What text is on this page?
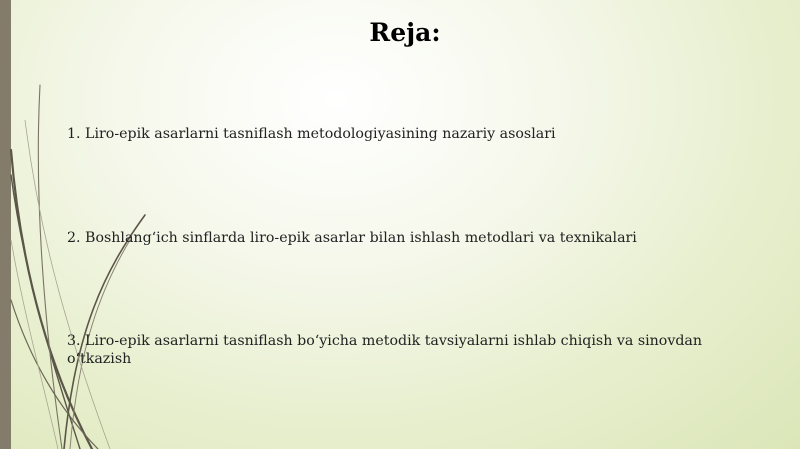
Reja:

1. Liro-epik asarlarni tasniflash metodologiyasining nazariy asoslari

2. Boshlang‘ich sinflarda liro-epik asarlar bilan ishlash metodlari va texnikalari

3. Liro-epik asarlarni tasniflash bo‘yicha metodik tavsiyalarni ishlab chiqish va sinovdan o‘tkazish
